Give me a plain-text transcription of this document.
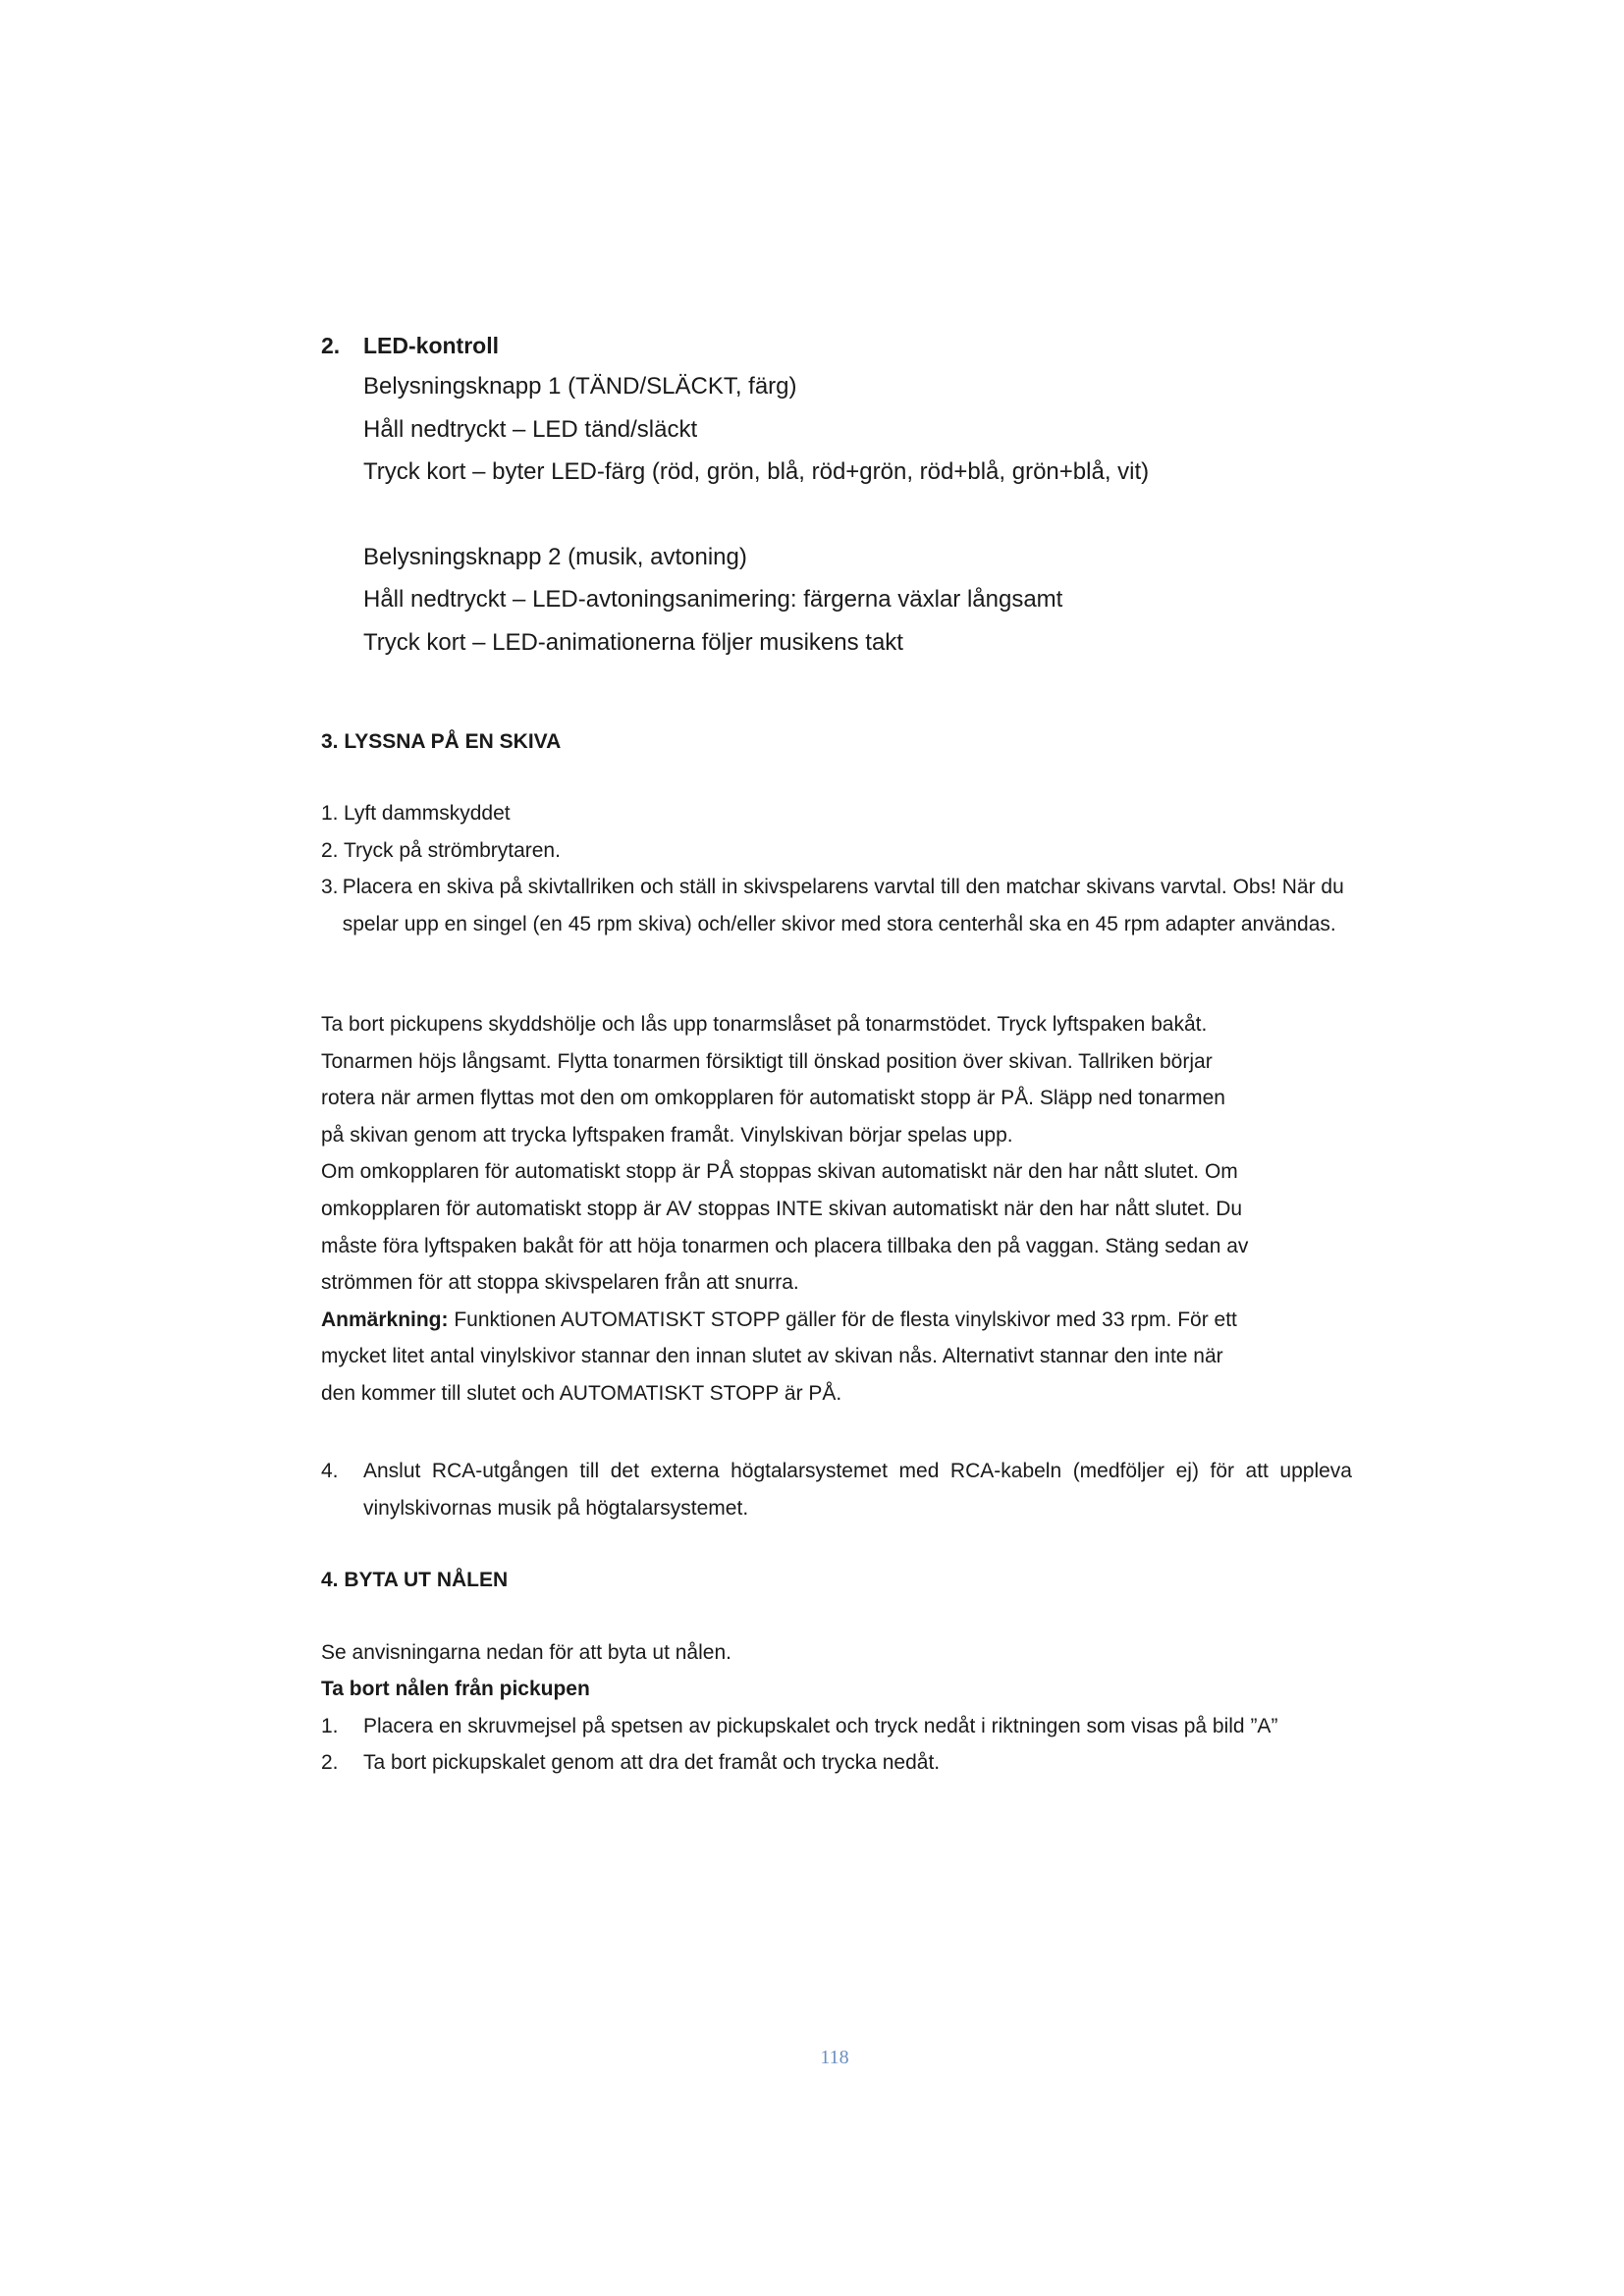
2. LED-kontroll
Belysningsknapp 1 (TÄND/SLÄCKT, färg)
Håll nedtryckt – LED tänd/släckt
Tryck kort – byter LED-färg (röd, grön, blå, röd+grön, röd+blå, grön+blå, vit)
Belysningsknapp 2 (musik, avtoning)
Håll nedtryckt – LED-avtoningsanimering: färgerna växlar långsamt
Tryck kort – LED-animationerna följer musikens takt
3. LYSSNA PÅ EN SKIVA
1. Lyft dammskyddet
2. Tryck på strömbrytaren.
3. Placera en skiva på skivtallriken och ställ in skivspelarens varvtal till den matchar skivans varvtal. Obs! När du spelar upp en singel (en 45 rpm skiva) och/eller skivor med stora centerhål ska en 45 rpm adapter användas.
Ta bort pickupens skyddshölje och lås upp tonarmslåset på tonarmstödet. Tryck lyftspaken bakåt.
Tonarmen höjs långsamt. Flytta tonarmen försiktigt till önskad position över skivan. Tallriken börjar
rotera när armen flyttas mot den om omkopplaren för automatiskt stopp är PÅ. Släpp ned tonarmen
på skivan genom att trycka lyftspaken framåt. Vinylskivan börjar spelas upp.
Om omkopplaren för automatiskt stopp är PÅ stoppas skivan automatiskt när den har nått slutet. Om
omkopplaren för automatiskt stopp är AV stoppas INTE skivan automatiskt när den har nått slutet. Du
måste föra lyftspaken bakåt för att höja tonarmen och placera tillbaka den på vaggan. Stäng sedan av
strömmen för att stoppa skivspelaren från att snurra.
Anmärkning: Funktionen AUTOMATISKT STOPP gäller för de flesta vinylskivor med 33 rpm. För ett
mycket litet antal vinylskivor stannar den innan slutet av skivan nås. Alternativt stannar den inte när
den kommer till slutet och AUTOMATISKT STOPP är PÅ.
4.	Anslut RCA-utgången till det externa högtalarsystemet med RCA-kabeln (medföljer ej) för att uppleva vinylskivornas musik på högtalarsystemet.
4. BYTA UT NÅLEN
Se anvisningarna nedan för att byta ut nålen.
Ta bort nålen från pickupen
1.	Placera en skruvmejsel på spetsen av pickupskalet och tryck nedåt i riktningen som visas på bild ”A”
2.	Ta bort pickupskalet genom att dra det framåt och trycka nedåt.
118
